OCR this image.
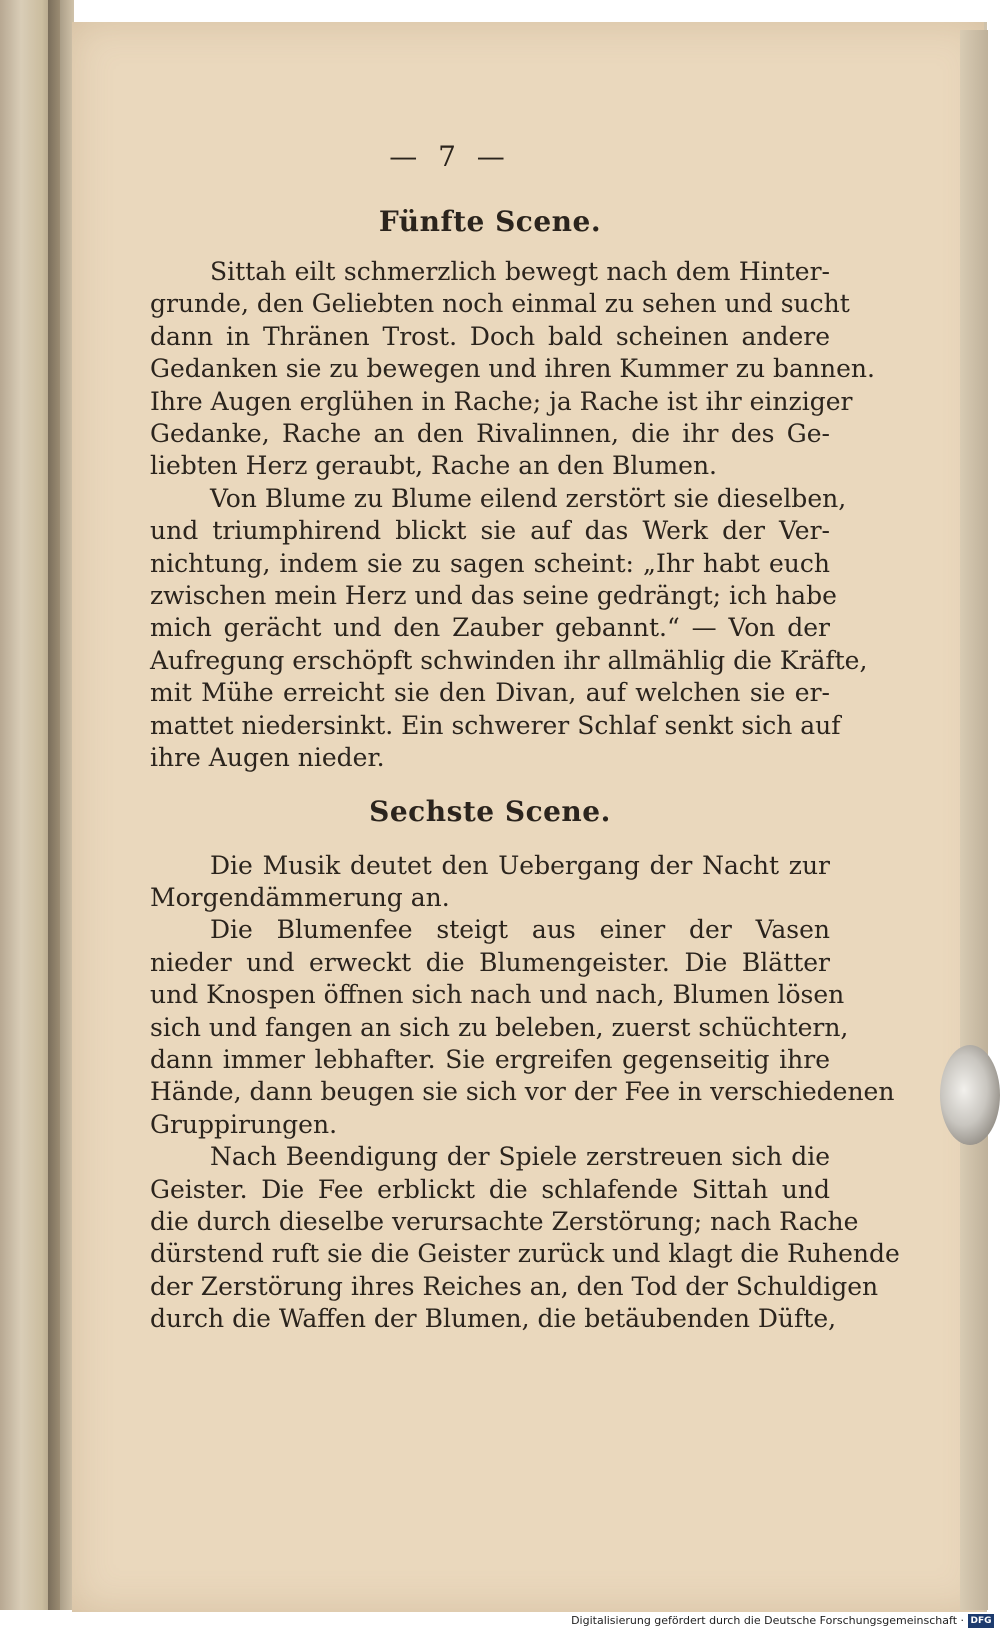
— 7 —
Fünfte Scene.
Sittah eilt schmerzlich bewegt nach dem Hinter-
grunde, den Geliebten noch einmal zu sehen und sucht
dann in Thränen Trost. Doch bald scheinen andere
Gedanken sie zu bewegen und ihren Kummer zu bannen.
Ihre Augen erglühen in Rache; ja Rache ist ihr einziger
Gedanke, Rache an den Rivalinnen, die ihr des Ge-
liebten Herz geraubt, Rache an den Blumen.
Von Blume zu Blume eilend zerstört sie dieselben,
und triumphirend blickt sie auf das Werk der Ver-
nichtung, indem sie zu sagen scheint: „Ihr habt euch
zwischen mein Herz und das seine gedrängt; ich habe
mich gerächt und den Zauber gebannt.“ — Von der
Aufregung erschöpft schwinden ihr allmählig die Kräfte,
mit Mühe erreicht sie den Divan, auf welchen sie er-
mattet niedersinkt. Ein schwerer Schlaf senkt sich auf
ihre Augen nieder.
Sechste Scene.
Die Musik deutet den Uebergang der Nacht zur
Morgendämmerung an.
Die Blumenfee steigt aus einer der Vasen
nieder und erweckt die Blumengeister. Die Blätter
und Knospen öffnen sich nach und nach, Blumen lösen
sich und fangen an sich zu beleben, zuerst schüchtern,
dann immer lebhafter. Sie ergreifen gegenseitig ihre
Hände, dann beugen sie sich vor der Fee in verschiedenen
Gruppirungen.
Nach Beendigung der Spiele zerstreuen sich die
Geister. Die Fee erblickt die schlafende Sittah und
die durch dieselbe verursachte Zerstörung; nach Rache
dürstend ruft sie die Geister zurück und klagt die Ruhende
der Zerstörung ihres Reiches an, den Tod der Schuldigen
durch die Waffen der Blumen, die betäubenden Düfte,
Digitalisierung gefördert durch die Deutsche Forschungsgemeinschaft · DFG
